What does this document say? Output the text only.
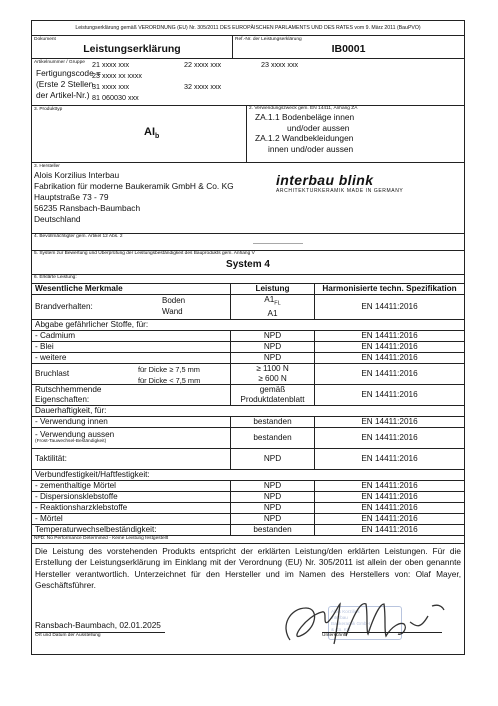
Leistungserklärung gemäß VERORDNUNG (EU) Nr. 305/2011 DES EUROPÄISCHEN PARLAMENTS UND DES RATES vom 9. März 2011 (BauPVO)
Dokument
Leistungserklärung
Ref.-Nr. der Leistungserklärung
IB0001
Artikelnummer / Gruppe
Fertigungscode =
(Erste 2 Stellen
der Artikel-Nr.)
21 xxxx xxx	22 xxxx xxx	23 xxxx xxx
23 xxxx xx xxxx
31 xxxx xxx	32 xxxx xxx
81 060030 xxx
3. Produkttyp
$AI_b$
2. Verwendungszweck gem. EN 14411, Anhang ZA
ZA.1.1 Bodenbeläge innen
und/oder aussen
ZA.1.2 Wandbekleidungen
innen und/oder aussen
3. Hersteller
Alois Korzilius Interbau
Fabrikation für moderne Baukeramik GmbH & Co. KG
Hauptstraße 73 - 79
56235 Ransbach-Baumbach
Deutschland
interbau blink
ARCHITEKTURKERAMIK MADE IN GERMANY
4. Bevollmächtigter gem. Artikel 12 Abs. 2
-------------------------
5. System zur Bewertung und Überprüfung der Leistungsbeständigkeit des Bauprodukts gem. Anhang V
System 4
6. Erklärte Leistung:
Wesentliche Merkmale	Leistung	Harmonisierte techn. Spezifikation
Brandverhalten:
Boden
Wand	$A1_{FL}$	EN 14411:2016
	A1	
Abgabe gefährlicher Stoffe, für:		
- Cadmium	NPD	EN 14411:2016
- Blei	NPD	EN 14411:2016
- weitere	NPD	EN 14411:2016
Bruchlast für Dicke ≥ 7,5 mm
für Dicke < 7,5 mm	≥ 1100 N	EN 14411:2016
	≥ 600 N	
Rutschhemmende	gemäß	EN 14411:2016
Eigenschaften:	Produktdatenblatt	
Dauerhaftigkeit, für:		
- Verwendung innen	bestanden	EN 14411:2016

- Verwendung aussen
(Frost-Tauwechsel-Beständigkeit)	bestanden	EN 14411:2016
Taktilität:	NPD	EN 14411:2016
Verbundfestigkeit/Haftfestigkeit:		
- zementhaltige Mörtel	NPD	EN 14411:2016
- Dispersionsklebstoffe	NPD	EN 14411:2016
- Reaktionsharzklebstoffe	NPD	EN 14411:2016
- Mörtel	NPD	EN 14411:2016
Temperaturwechselbeständigkeit:	bestanden	EN 14411:2016
NPD: No Performance Determined - Keine Leistung festgestellt
Die Leistung des vorstehenden Produkts entspricht der erklärten Leistung/den erklärten Leistungen. Für die Erstellung der Leistungserklärung im Einklang mit der Verordnung (EU) Nr. 305/2011 ist allein der oben genannte Hersteller verantwortlich. Unterzeichnet für den Hersteller und im Namen des Herstellers von: Olaf Mayer, Geschäftsführer.
Ransbach-Baumbach, 02.01.2025
Ort und Datum der Ausstellung
Alois Korzilius
Interbau
Baukeramik GmbH
& Co. KG
Unterschrift
